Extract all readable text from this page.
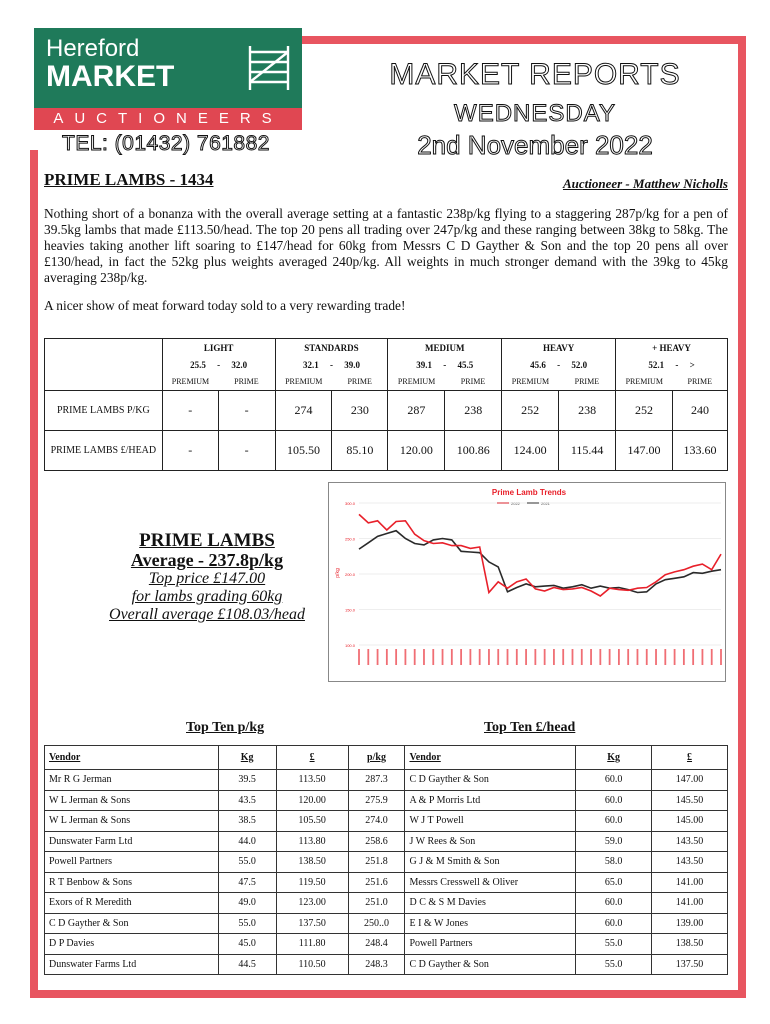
Hereford
MARKET
AUCTIONEERS
TEL: (01432) 761882
MARKET REPORTS
WEDNESDAY
2nd November 2022
PRIME LAMBS - 1434	Auctioneer - Matthew Nicholls
Nothing short of a bonanza with the overall average setting at a fantastic 238p/kg flying to a staggering 287p/kg for a pen of 39.5kg lambs that made £113.50/head. The top 20 pens all trading over 247p/kg and these ranging between 38kg to 58kg. The heavies taking another lift soaring to £147/head for 60kg from Messrs C D Gayther & Son and the top 20 pens all over £130/head, in fact the 52kg plus weights averaged 240p/kg. All weights in much stronger demand with the 39kg to 45kg averaging 238p/kg.
A nicer show of meat forward today sold to a very rewarding trade!
	LIGHT		STANDARDS		MEDIUM		HEAVY		+ HEAVY	
	25.5 - 32.0		32.1 - 39.0		39.1 - 45.5		45.6 - 52.0		52.1 - >	
	PREMIUM	PRIME	PREMIUM	PRIME	PREMIUM	PRIME	PREMIUM	PRIME	PREMIUM	PRIME
PRIME LAMBS P/KG	-	-	274	230	287	238	252	238	252	240
PRIME LAMBS £/HEAD	-	-	105.50	85.10	120.00	100.86	124.00	115.44	147.00	133.60
Prime Lamb Trends
2022	2021
p/kg
300.0
250.0
200.0
150.0
100.0
PRIME LAMBS
Average - 237.8p/kg
Top price £147.00
for lambs grading 60kg
Overall average £108.03/head
Top Ten p/kg	Top Ten £/head
Vendor	Kg	£	p/kg	Vendor	Kg	£
Mr R G Jerman	39.5	113.50	287.3	C D Gayther & Son	60.0	147.00
W L Jerman & Sons	43.5	120.00	275.9	A & P Morris Ltd	60.0	145.50
W L Jerman & Sons	38.5	105.50	274.0	W J T Powell	60.0	145.00
Dunswater Farm Ltd	44.0	113.80	258.6	J W Rees & Son	59.0	143.50
Powell Partners	55.0	138.50	251.8	G J & M Smith & Son	58.0	143.50
R T Benbow & Sons	47.5	119.50	251.6	Messrs Cresswell & Oliver	65.0	141.00
Exors of R Meredith	49.0	123.00	251.0	D C & S M Davies	60.0	141.00
C D Gayther & Son	55.0	137.50	250..0	E I & W Jones	60.0	139.00
D P Davies	45.0	111.80	248.4	Powell Partners	55.0	138.50
Dunswater Farms Ltd	44.5	110.50	248.3	C D Gayther & Son	55.0	137.50
